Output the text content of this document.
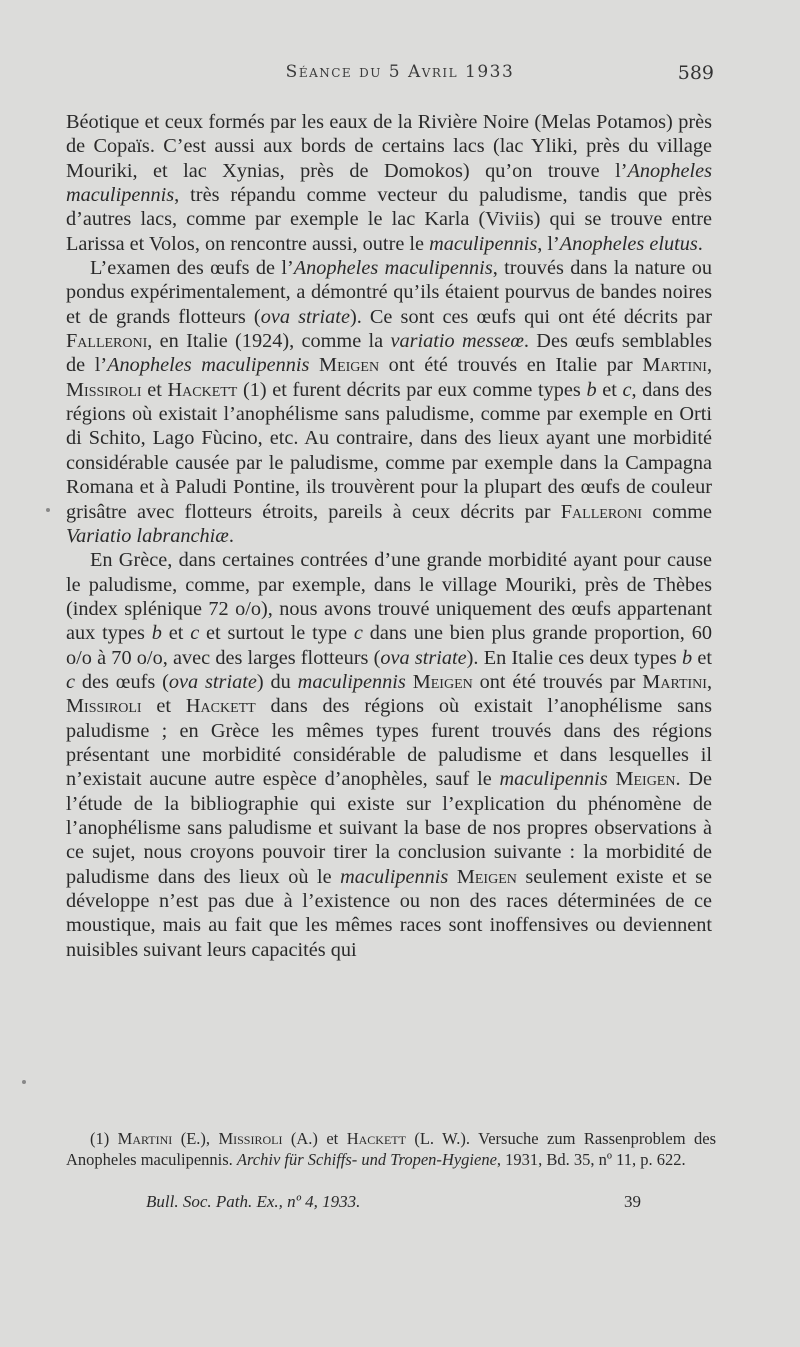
Séance du 5 Avril 1933	589

Béotique et ceux formés par les eaux de la Rivière Noire (Melas Potamos) près de Copaïs. C’est aussi aux bords de certains lacs (lac Yliki, près du village Mouriki, et lac Xynias, près de Domokos) qu’on trouve l’Anopheles maculipennis, très répandu comme vecteur du paludisme, tandis que près d’autres lacs, comme par exemple le lac Karla (Viviis) qui se trouve entre Larissa et Volos, on rencontre aussi, outre le maculipennis, l’Anopheles elutus.

L’examen des œufs de l’Anopheles maculipennis, trouvés dans la nature ou pondus expérimentalement, a démontré qu’ils étaient pourvus de bandes noires et de grands flotteurs (ova striate). Ce sont ces œufs qui ont été décrits par Falleroni, en Italie (1924), comme la variatio messeœ. Des œufs semblables de l’Anopheles maculipennis Meigen ont été trouvés en Italie par Martini, Missiroli et Hackett (1) et furent décrits par eux comme types b et c, dans des régions où existait l’anophélisme sans paludisme, comme par exemple en Orti di Schito, Lago Fùcino, etc. Au contraire, dans des lieux ayant une morbidité considérable causée par le paludisme, comme par exemple dans la Campagna Romana et à Paludi Pontine, ils trouvèrent pour la plupart des œufs de couleur grisâtre avec flotteurs étroits, pareils à ceux décrits par Falleroni comme Variatio labranchiæ.

En Grèce, dans certaines contrées d’une grande morbidité ayant pour cause le paludisme, comme, par exemple, dans le village Mouriki, près de Thèbes (index splénique 72 o/o), nous avons trouvé uniquement des œufs appartenant aux types b et c et surtout le type c dans une bien plus grande proportion, 60 o/o à 70 o/o, avec des larges flotteurs (ova striate). En Italie ces deux types b et c des œufs (ova striate) du maculipennis Meigen ont été trouvés par Martini, Missiroli et Hackett dans des régions où existait l’anophélisme sans paludisme ; en Grèce les mêmes types furent trouvés dans des régions présentant une morbidité considérable de paludisme et dans lesquelles il n’existait aucune autre espèce d’anophèles, sauf le maculipennis Meigen. De l’étude de la bibliographie qui existe sur l’explication du phénomène de l’anophélisme sans paludisme et suivant la base de nos propres observations à ce sujet, nous croyons pouvoir tirer la conclusion suivante : la morbidité de paludisme dans des lieux où le maculipennis Meigen seulement existe et se développe n’est pas due à l’existence ou non des races déterminées de ce moustique, mais au fait que les mêmes races sont inoffensives ou deviennent nuisibles suivant leurs capacités qui

(1) Martini (E.), Missiroli (A.) et Hackett (L. W.). Versuche zum Rassenproblem des Anopheles maculipennis. Archiv für Schiffs- und Tropen-Hygiene, 1931, Bd. 35, nº 11, p. 622.

Bull. Soc. Path. Ex., nº 4, 1933.	39
